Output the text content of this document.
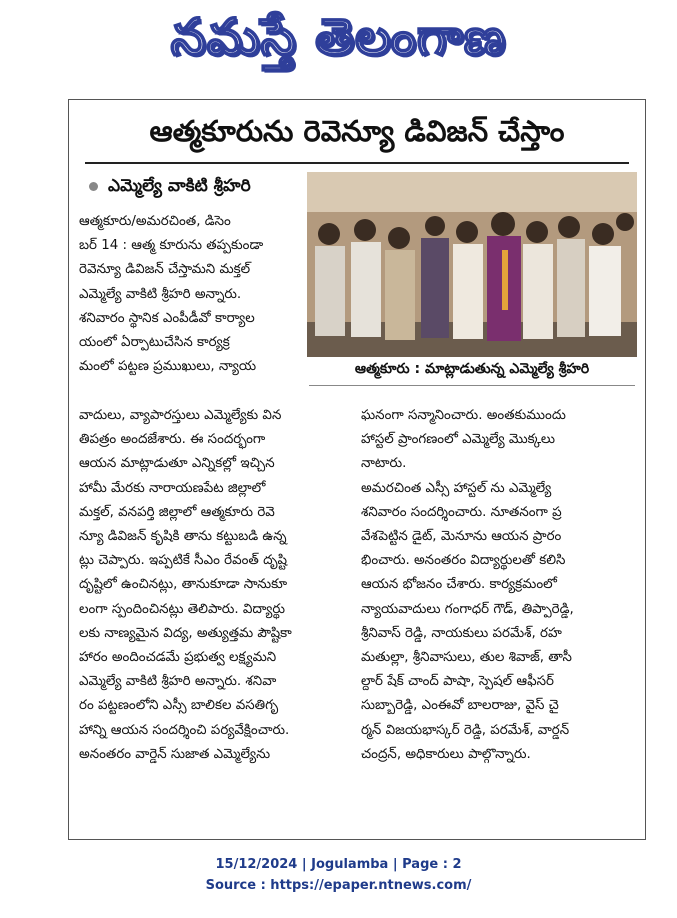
నమస్తే తెలంగాణ
ఆత్మకూరును రెవెన్యూ డివిజన్ చేస్తాం
ఎమ్మెల్యే వాకిటి శ్రీహరి
ఆత్మకూరు : మాట్లాడుతున్న ఎమ్మెల్యే శ్రీహరి

ఆత్మకూరు/అమరచింత, డిసెం

బర్ 14 : ఆత్మ కూరును తప్పకుండా

రెవెన్యూ డివిజన్ చేస్తామని మక్తల్

ఎమ్మెల్యే వాకిటి శ్రీహరి అన్నారు.

శనివారం స్థానిక ఎంపీడీవో కార్యాల

యంలో ఏర్పాటుచేసిన కార్యక్ర

మంలో పట్టణ ప్రముఖులు, న్యాయ

వాదులు, వ్యాపారస్తులు ఎమ్మెల్యేకు విన

తిపత్రం అందజేశారు. ఈ సందర్భంగా

ఆయన మాట్లాడుతూ ఎన్నికల్లో ఇచ్చిన

హామీ మేరకు నారాయణపేట జిల్లాలో

మక్తల్, వనపర్తి జిల్లాలో ఆత్మకూరు రెవె

న్యూ డివిజన్ కృషికి తాను కట్టుబడి ఉన్న

ట్లు చెప్పారు. ఇప్పటికే సీఎం రేవంత్ దృష్టి

దృష్టిలో ఉంచినట్లు, తానుకూడా సానుకూ

లంగా స్పందించినట్లు తెలిపారు. విద్యార్థు

లకు నాణ్యమైన విద్య, అత్యుత్తమ పౌష్టికా

హారం అందించడమే ప్రభుత్వ లక్ష్యమని

ఎమ్మెల్యే వాకిటి శ్రీహరి అన్నారు. శనివా

రం పట్టణంలోని ఎస్సీ బాలికల వసతిగృ

హాన్ని ఆయన సందర్శించి పర్యవేక్షించారు.

అనంతరం వార్డెన్ సుజాత ఎమ్మెల్యేను

ఘనంగా సన్మానించారు. అంతకుముందు

హాస్టల్ ప్రాంగణంలో ఎమ్మెల్యే మొక్కలు

నాటారు.

అమరచింత ఎస్సీ హాస్టల్ ను ఎమ్మెల్యే

శనివారం సందర్శించారు. నూతనంగా ప్ర

వేశపెట్టిన డైట్, మెనూను ఆయన ప్రారం

భించారు. అనంతరం విద్యార్థులతో కలిసి

ఆయన భోజనం చేశారు. కార్యక్రమంలో

న్యాయవాదులు గంగాధర్ గౌడ్, తిప్పారెడ్డి,

శ్రీనివాస్ రెడ్డి, నాయకులు పరమేశ్, రహ

మతుల్లా, శ్రీనివాసులు, తుల శివాజ్, తాసీ

ల్దార్ షేక్ చాంద్ పాషా, స్పెషల్ ఆఫీసర్

సుబ్బారెడ్డి, ఎంఈవో బాలరాజు, వైస్ చై

ర్మన్ విజయభాస్కర్ రెడ్డి, పరమేశ్, వార్డన్

చంద్రన్, అధికారులు పాల్గొన్నారు.

15/12/2024 | Jogulamba | Page : 2
Source : https://epaper.ntnews.com/
